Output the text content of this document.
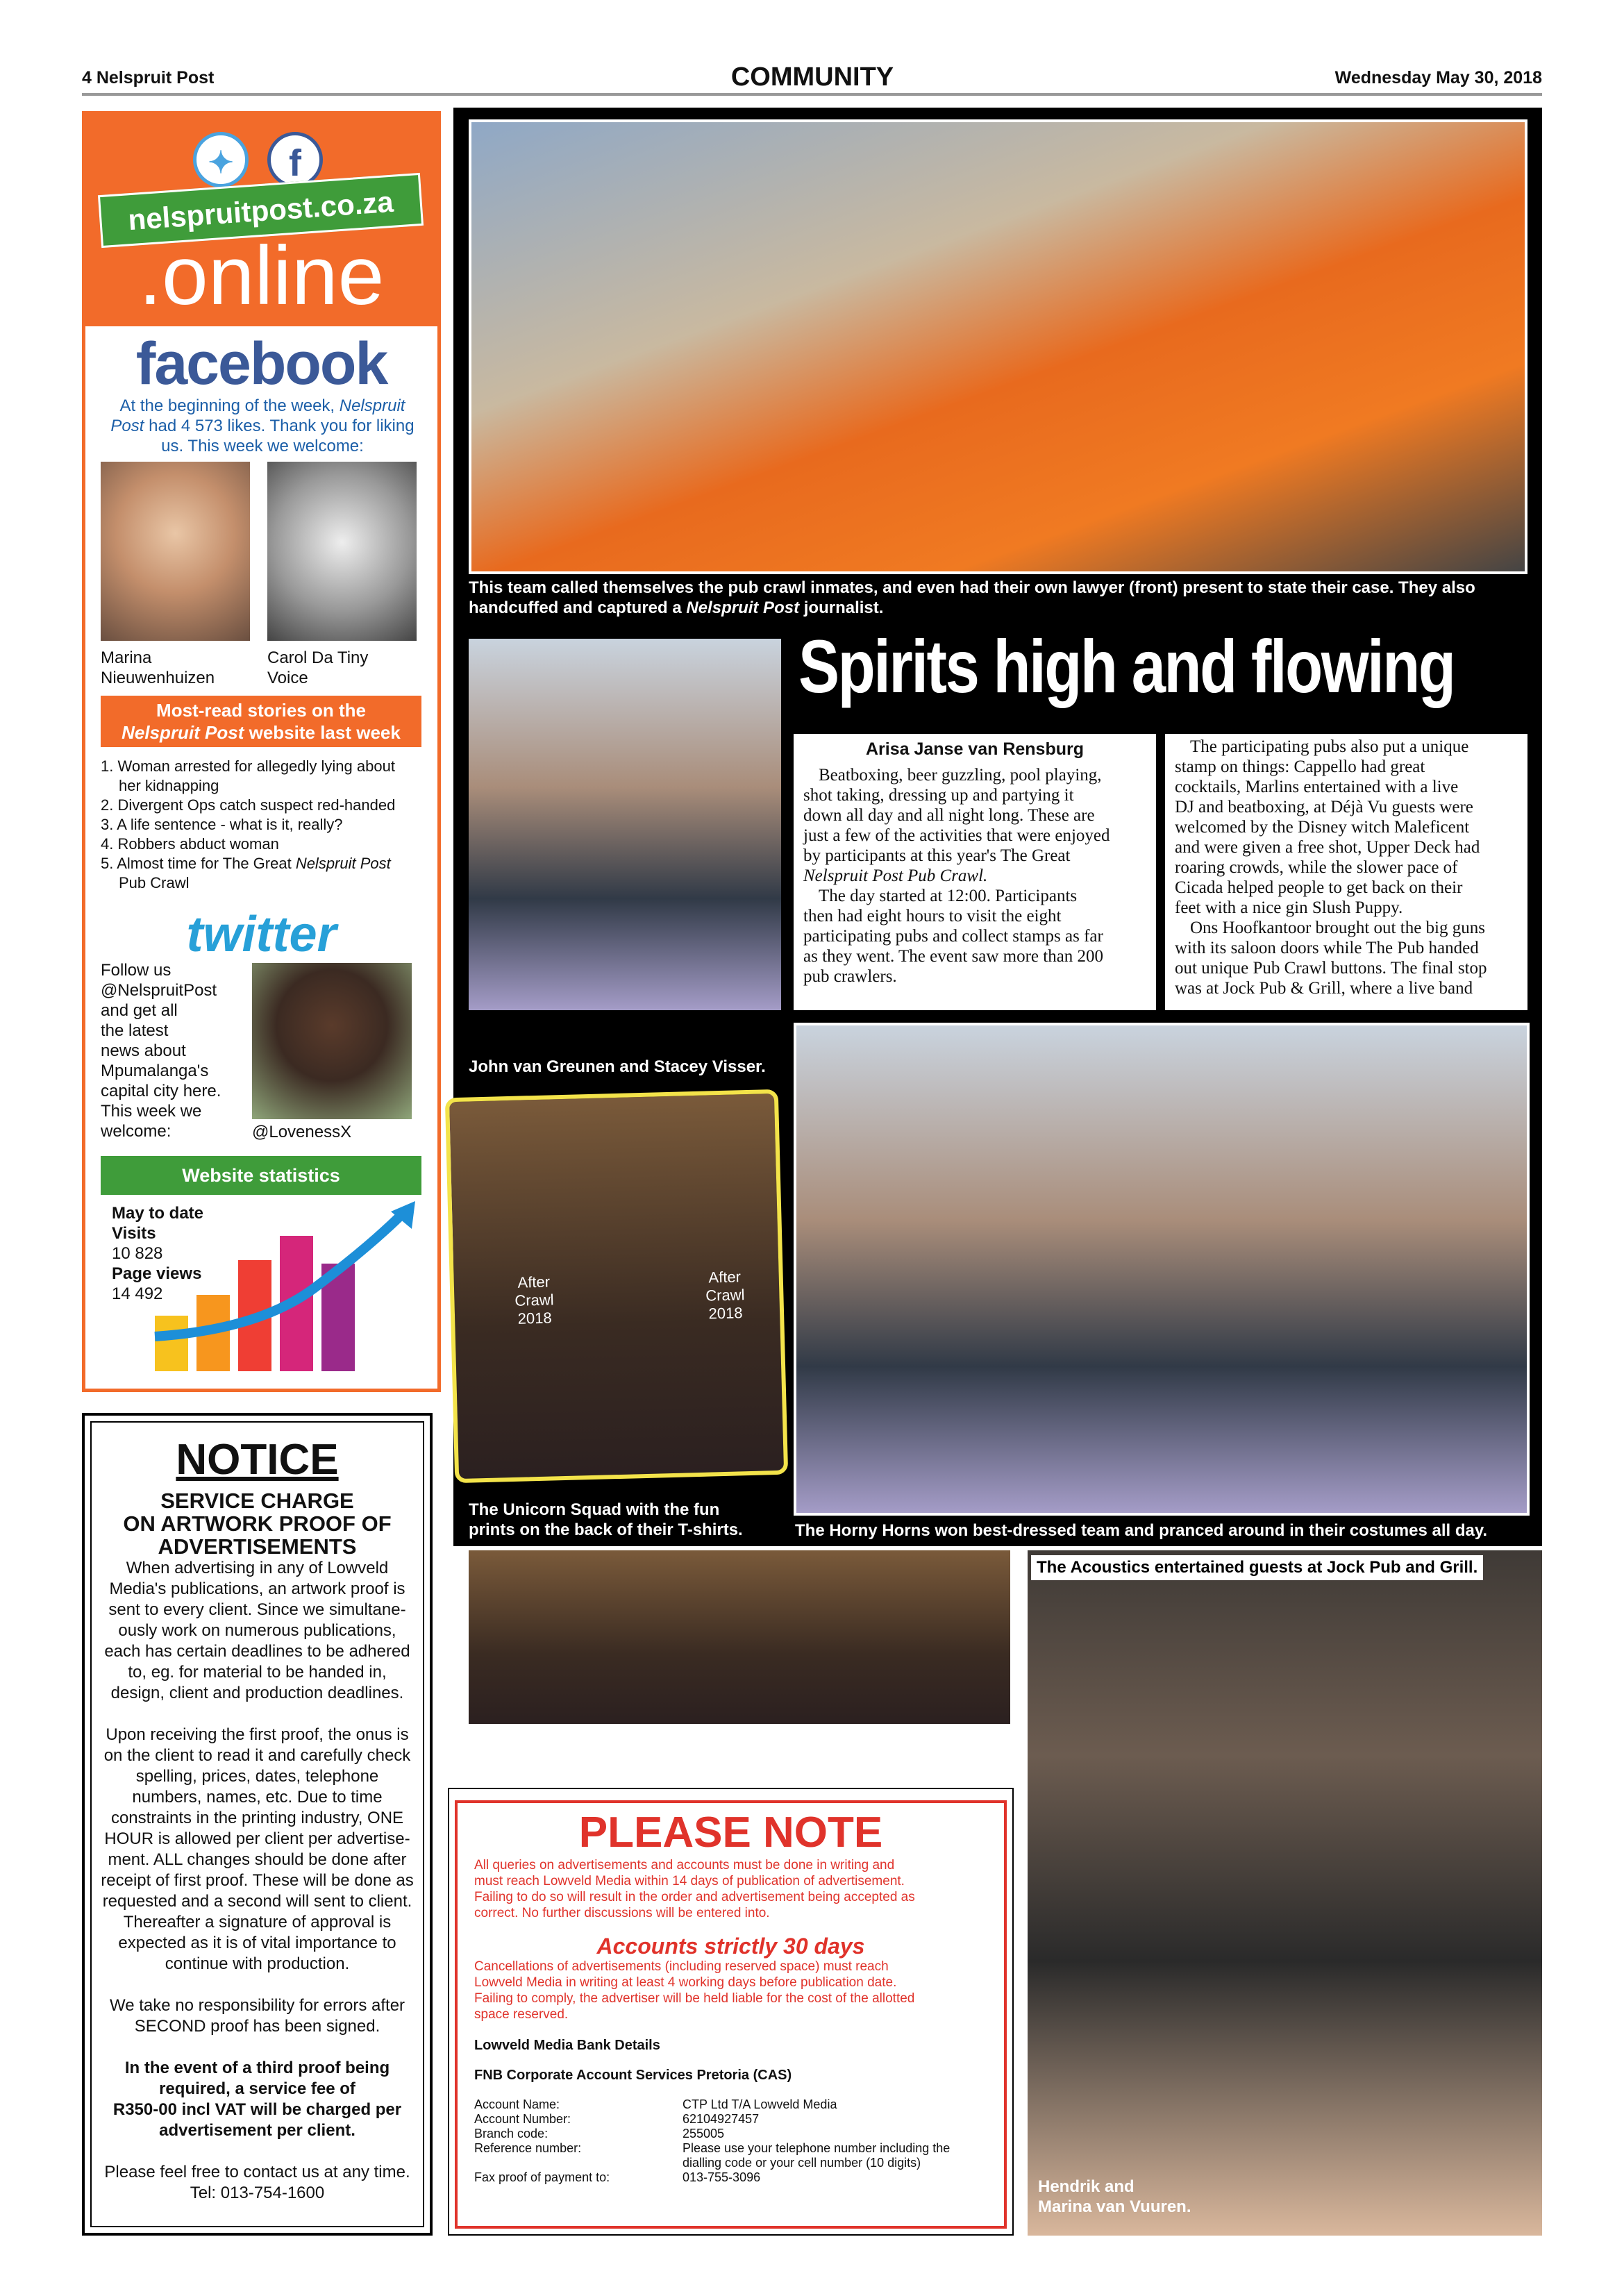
4 Nelspruit Post	COMMUNITY	Wednesday May 30, 2018
✦	f
nelspruitpost.co.za
.online
facebook
At the beginning of the week, Nelspruit Post had 4 573 likes. Thank you for liking us. This week we welcome:
Marina
Nieuwenhuizen
Carol Da Tiny
Voice
Most-read stories on the
Nelspruit Post website last week
1. Woman arrested for allegedly lying about
her kidnapping
2. Divergent Ops catch suspect red-handed
3. A life sentence - what is it, really?
4. Robbers abduct woman
5. Almost time for The Great Nelspruit Post
Pub Crawl
twitter
Follow us
@NelspruitPost
and get all
the latest
news about
Mpumalanga's
capital city here.
This week we
welcome:	@LovenessX
Website statistics
May to date
Visits
10 828
Page views
14 492
NOTICE
SERVICE CHARGE
ON ARTWORK PROOF OF
ADVERTISEMENTS
When advertising in any of Lowveld
Media's publications, an artwork proof is
sent to every client. Since we simultane-
ously work on numerous publications,
each has certain deadlines to be adhered
to, eg. for material to be handed in,
design, client and production deadlines.
Upon receiving the first proof, the onus is
on the client to read it and carefully check
spelling, prices, dates, telephone
numbers, names, etc. Due to time
constraints in the printing industry, ONE
HOUR is allowed per client per advertise-
ment. ALL changes should be done after
receipt of first proof. These will be done as
requested and a second will sent to client.
Thereafter a signature of approval is
expected as it is of vital importance to
continue with production.
We take no responsibility for errors after
SECOND proof has been signed.
In the event of a third proof being
required, a service fee of
R350-00 incl VAT will be charged per
advertisement per client.
Please feel free to contact us at any time.
Tel: 013-754-1600
This team called themselves the pub crawl inmates, and even had their own lawyer (front) present to state their case. They also
handcuffed and captured a Nelspruit Post journalist.
John van Greunen and Stacey Visser.
Spirits high and flowing
Arisa Janse van Rensburg
Beatboxing, beer guzzling, pool playing,
shot taking, dressing up and partying it
down all day and all night long. These are
just a few of the activities that were enjoyed
by participants at this year's The Great
Nelspruit Post Pub Crawl.
The day started at 12:00. Participants
then had eight hours to visit the eight
participating pubs and collect stamps as far
as they went. The event saw more than 200
pub crawlers.
The participating pubs also put a unique
stamp on things: Cappello had great
cocktails, Marlins entertained with a live
DJ and beatboxing, at Déjà Vu guests were
welcomed by the Disney witch Maleficent
and were given a free shot, Upper Deck had
roaring crowds, while the slower pace of
Cicada helped people to get back on their
feet with a nice gin Slush Puppy.
Ons Hoofkantoor brought out the big guns
with its saloon doors while The Pub handed
out unique Pub Crawl buttons. The final stop
was at Jock Pub & Grill, where a live band
After
Crawl
2018
After
Crawl
2018
The Unicorn Squad with the fun
prints on the back of their T-shirts.	The Horny Horns won best-dressed team and pranced around in their costumes all day.
The Black Cat Squad handed out their cards throughout the day,
leaving their mark wherever they went.
The Acoustics entertained guests at Jock Pub and Grill.
Hendrik and
Marina van Vuuren.
PLEASE NOTE
All queries on advertisements and accounts must be done in writing and
must reach Lowveld Media within 14 days of publication of advertisement.
Failing to do so will result in the order and advertisement being accepted as
correct. No further discussions will be entered into.
Accounts strictly 30 days
Cancellations of advertisements (including reserved space) must reach
Lowveld Media in writing at least 4 working days before publication date.
Failing to comply, the advertiser will be held liable for the cost of the allotted
space reserved.
Lowveld Media Bank Details
FNB Corporate Account Services Pretoria (CAS)
Account Name:	CTP Ltd T/A Lowveld Media
Account Number:	62104927457
Branch code:	255005
Reference number:	Please use your telephone number including the
dialling code or your cell number (10 digits)
Fax proof of payment to:	013-755-3096
